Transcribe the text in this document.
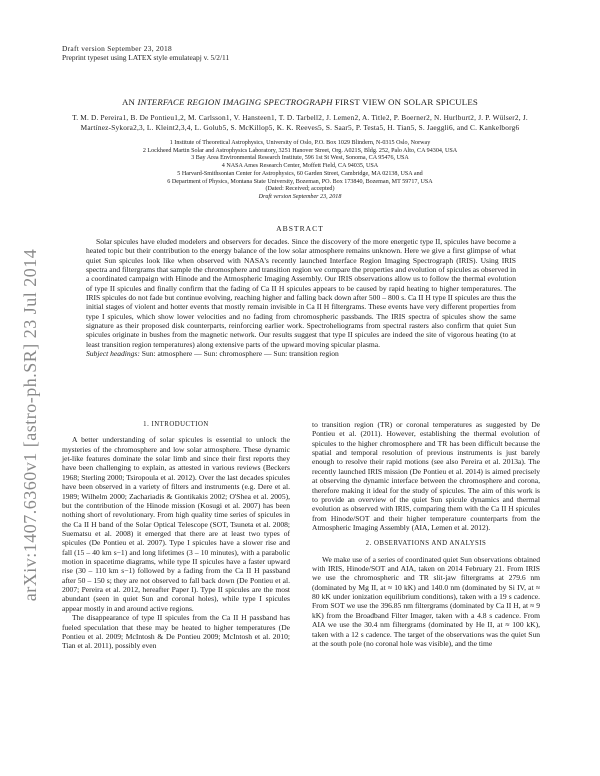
arXiv:1407.6360v1 [astro-ph.SR] 23 Jul 2014
Draft version September 23, 2018
Preprint typeset using LATEX style emulateapj v. 5/2/11
AN INTERFACE REGION IMAGING SPECTROGRAPH FIRST VIEW ON SOLAR SPICULES
T. M. D. Pereira1, B. De Pontieu1,2, M. Carlsson1, V. Hansteen1, T. D. Tarbell2, J. Lemen2, A. Title2, P. Boerner2, N. Hurlburt2, J. P. Wülser2, J. Martínez-Sykora2,3, L. Kleint2,3,4, L. Golub5, S. McKillop5, K. K. Reeves5, S. Saar5, P. Testa5, H. Tian5, S. Jaeggli6, and C. Kankelborg6
1 Institute of Theoretical Astrophysics, University of Oslo, P.O. Box 1029 Blindern, N-0315 Oslo, Norway
2 Lockheed Martin Solar and Astrophysics Laboratory, 3251 Hanover Street, Org. A021S, Bldg. 252, Palo Alto, CA 94304, USA
3 Bay Area Environmental Research Institute, 596 1st St West, Sonoma, CA 95476, USA
4 NASA Ames Research Center, Moffett Field, CA 94035, USA
5 Harvard-Smithsonian Center for Astrophysics, 60 Garden Street, Cambridge, MA 02138, USA and
6 Department of Physics, Montana State University, Bozeman, PO. Box 173840, Bozeman, MT 59717, USA
(Dated: Received; accepted)
Draft version September 23, 2018
ABSTRACT
Solar spicules have eluded modelers and observers for decades. Since the discovery of the more energetic type II, spicules have become a heated topic but their contribution to the energy balance of the low solar atmosphere remains unknown. Here we give a first glimpse of what quiet Sun spicules look like when observed with NASA's recently launched Interface Region Imaging Spectrograph (IRIS). Using IRIS spectra and filtergrams that sample the chromosphere and transition region we compare the properties and evolution of spicules as observed in a coordinated campaign with Hinode and the Atmospheric Imaging Assembly. Our IRIS observations allow us to follow the thermal evolution of type II spicules and finally confirm that the fading of Ca II H spicules appears to be caused by rapid heating to higher temperatures. The IRIS spicules do not fade but continue evolving, reaching higher and falling back down after 500 – 800 s. Ca II H type II spicules are thus the initial stages of violent and hotter events that mostly remain invisible in Ca II H filtergrams. These events have very different properties from type I spicules, which show lower velocities and no fading from chromospheric passbands. The IRIS spectra of spicules show the same signature as their proposed disk counterparts, reinforcing earlier work. Spectroheliograms from spectral rasters also confirm that quiet Sun spicules originate in bushes from the magnetic network. Our results suggest that type II spicules are indeed the site of vigorous heating (to at least transition region temperatures) along extensive parts of the upward moving spicular plasma.
Subject headings: Sun: atmosphere — Sun: chromosphere — Sun: transition region
1. INTRODUCTION

A better understanding of solar spicules is essential to unlock the mysteries of the chromosphere and low solar atmosphere. These dynamic jet-like features dominate the solar limb and since their first reports they have been challenging to explain, as attested in various reviews (Beckers 1968; Sterling 2000; Tsiropoula et al. 2012). Over the last decades spicules have been observed in a variety of filters and instruments (e.g. Dere et al. 1989; Wilhelm 2000; Zachariadis & Gontikakis 2002; O'Shea et al. 2005), but the contribution of the Hinode mission (Kosugi et al. 2007) has been nothing short of revolutionary. From high quality time series of spicules in the Ca II H band of the Solar Optical Telescope (SOT, Tsuneta et al. 2008; Suematsu et al. 2008) it emerged that there are at least two types of spicules (De Pontieu et al. 2007). Type I spicules have a slower rise and fall (15 – 40 km s−1) and long lifetimes (3 – 10 minutes), with a parabolic motion in spacetime diagrams, while type II spicules have a faster upward rise (30 – 110 km s−1) followed by a fading from the Ca II H passband after 50 – 150 s; they are not observed to fall back down (De Pontieu et al. 2007; Pereira et al. 2012, hereafter Paper I). Type II spicules are the most abundant (seen in quiet Sun and coronal holes), while type I spicules appear mostly in and around active regions.

The disappearance of type II spicules from the Ca II H passband has fueled speculation that these may be heated to higher temperatures (De Pontieu et al. 2009; McIntosh & De Pontieu 2009; McIntosh et al. 2010; Tian et al. 2011), possibly even

to transition region (TR) or coronal temperatures as suggested by De Pontieu et al. (2011). However, establishing the thermal evolution of spicules to the higher chromosphere and TR has been difficult because the spatial and temporal resolution of previous instruments is just barely enough to resolve their rapid motions (see also Pereira et al. 2013a). The recently launched IRIS mission (De Pontieu et al. 2014) is aimed precisely at observing the dynamic interface between the chromosphere and corona, therefore making it ideal for the study of spicules. The aim of this work is to provide an overview of the quiet Sun spicule dynamics and thermal evolution as observed with IRIS, comparing them with the Ca II H spicules from Hinode/SOT and their higher temperature counterparts from the Atmospheric Imaging Assembly (AIA, Lemen et al. 2012).

2. OBSERVATIONS AND ANALYSIS

We make use of a series of coordinated quiet Sun observations obtained with IRIS, Hinode/SOT and AIA, taken on 2014 February 21. From IRIS we use the chromospheric and TR slit-jaw filtergrams at 279.6 nm (dominated by Mg II, at ≈ 10 kK) and 140.0 nm (dominated by Si IV, at ≈ 80 kK under ionization equilibrium conditions), taken with a 19 s cadence. From SOT we use the 396.85 nm filtergrams (dominated by Ca II H, at ≈ 9 kK) from the Broadband Filter Imager, taken with a 4.8 s cadence. From AIA we use the 30.4 nm filtergrams (dominated by He II, at ≈ 100 kK), taken with a 12 s cadence. The target of the observations was the quiet Sun at the south pole (no coronal hole was visible), and the time
